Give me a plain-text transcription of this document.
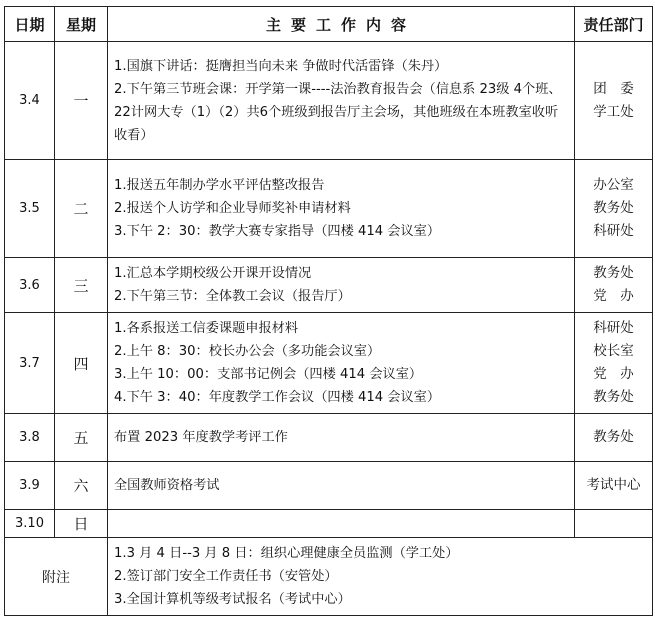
日期	星期	主要工作内容	责任部门
3.4	一	1.国旗下讲话：挺膺担当向未来 争做时代活雷锋（朱丹）
2.下午第三节班会课：开学第一课----法治教育报告会（信息系 23级 4个班、22计网大专（1）（2）共6个班级到报告厅主会场，其他班级在本班教室收听收看）	团　委
学工处

3.5	二	1.报送五年制办学水平评估整改报告
2.报送个人访学和企业导师奖补申请材料
3.下午 2：30：教学大赛专家指导（四楼 414 会议室）	办公室
教务处
科研处

3.6	三	1.汇总本学期校级公开课开设情况
2.下午第三节：全体教工会议（报告厅）	教务处
党　办

3.7	四	1.各系报送工信委课题申报材料
2.上午 8：30：校长办公会（多功能会议室）
3.上午 10：00：支部书记例会（四楼 414 会议室）
4.下午 3：40：年度教学工作会议（四楼 414 会议室）	科研处
校长室
党　办
教务处

3.8	五	布置 2023 年度教学考评工作	教务处

3.9	六	全国教师资格考试	考试中心

3.10	日	

附注		1.3 月 4 日--3 月 8 日：组织心理健康全员监测（学工处）
2.签订部门安全工作责任书（安管处）
3.全国计算机等级考试报名（考试中心）	
